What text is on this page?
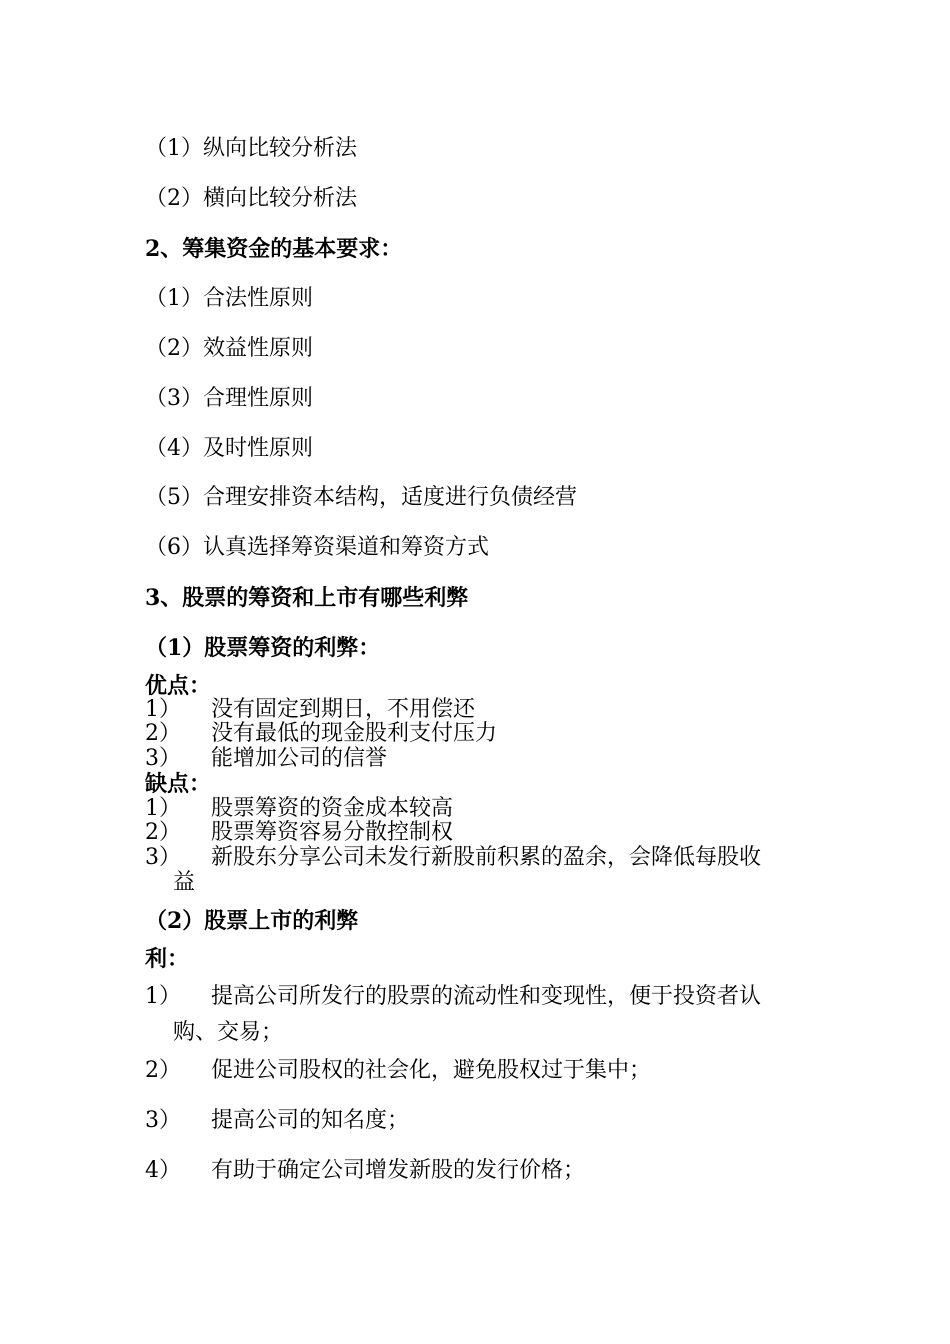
（1）纵向比较分析法
（2）横向比较分析法
2、筹集资金的基本要求：
（1）合法性原则
（2）效益性原则
（3）合理性原则
（4）及时性原则
（5）合理安排资本结构，适度进行负债经营
（6）认真选择筹资渠道和筹资方式
3、股票的筹资和上市有哪些利弊
（1）股票筹资的利弊：
优点：
1） 没有固定到期日，不用偿还
2） 没有最低的现金股利支付压力
3） 能增加公司的信誉
缺点：
1） 股票筹资的资金成本较高
2） 股票筹资容易分散控制权
3） 新股东分享公司未发行新股前积累的盈余，会降低每股收
益
（2）股票上市的利弊
利：
1） 提高公司所发行的股票的流动性和变现性，便于投资者认
购、交易；
2） 促进公司股权的社会化，避免股权过于集中；
3） 提高公司的知名度；
4） 有助于确定公司增发新股的发行价格；
